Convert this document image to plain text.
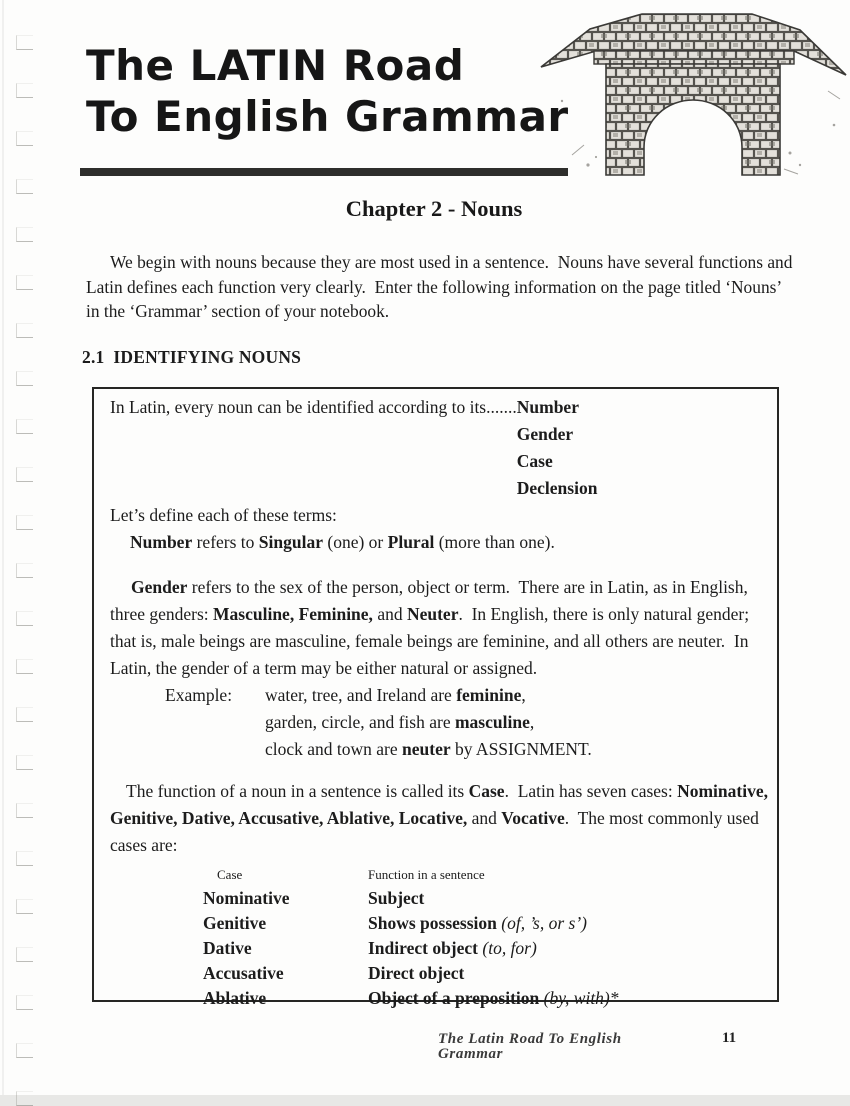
The LATIN Road
To English Grammar
Chapter 2 - Nouns
We begin with nouns because they are most used in a sentence.  Nouns have several functions and Latin defines each function very clearly.  Enter the following information on the page titled ‘Nouns’ in the ‘Grammar’ section of your notebook.
2.1 IDENTIFYING NOUNS
In Latin, every noun can be identified according to its....... Number
Gender
Case
Declension
Let’s define each of these terms:
Number refers to Singular (one) or Plural (more than one).
Gender refers to the sex of the person, object or term.  There are in Latin, as in English, three genders: Masculine, Feminine, and Neuter.  In English, there is only natural gender; that is, male beings are masculine, female beings are feminine, and all others are neuter.  In Latin, the gender of a term may be either natural or assigned.
Example:	water, tree, and Ireland are feminine,
garden, circle, and fish are masculine,
clock and town are neuter by ASSIGNMENT.
The function of a noun in a sentence is called its Case.  Latin has seven cases: Nominative, Genitive, Dative, Accusative, Ablative, Locative, and Vocative.  The most commonly used cases are:
Case	Function in a sentence
Nominative	Subject
Genitive	Shows possession (of, ’s, or s’)
Dative	Indirect object (to, for)
Accusative	Direct object
Ablative	Object of a preposition (by, with)*
The Latin Road To English Grammar
11
